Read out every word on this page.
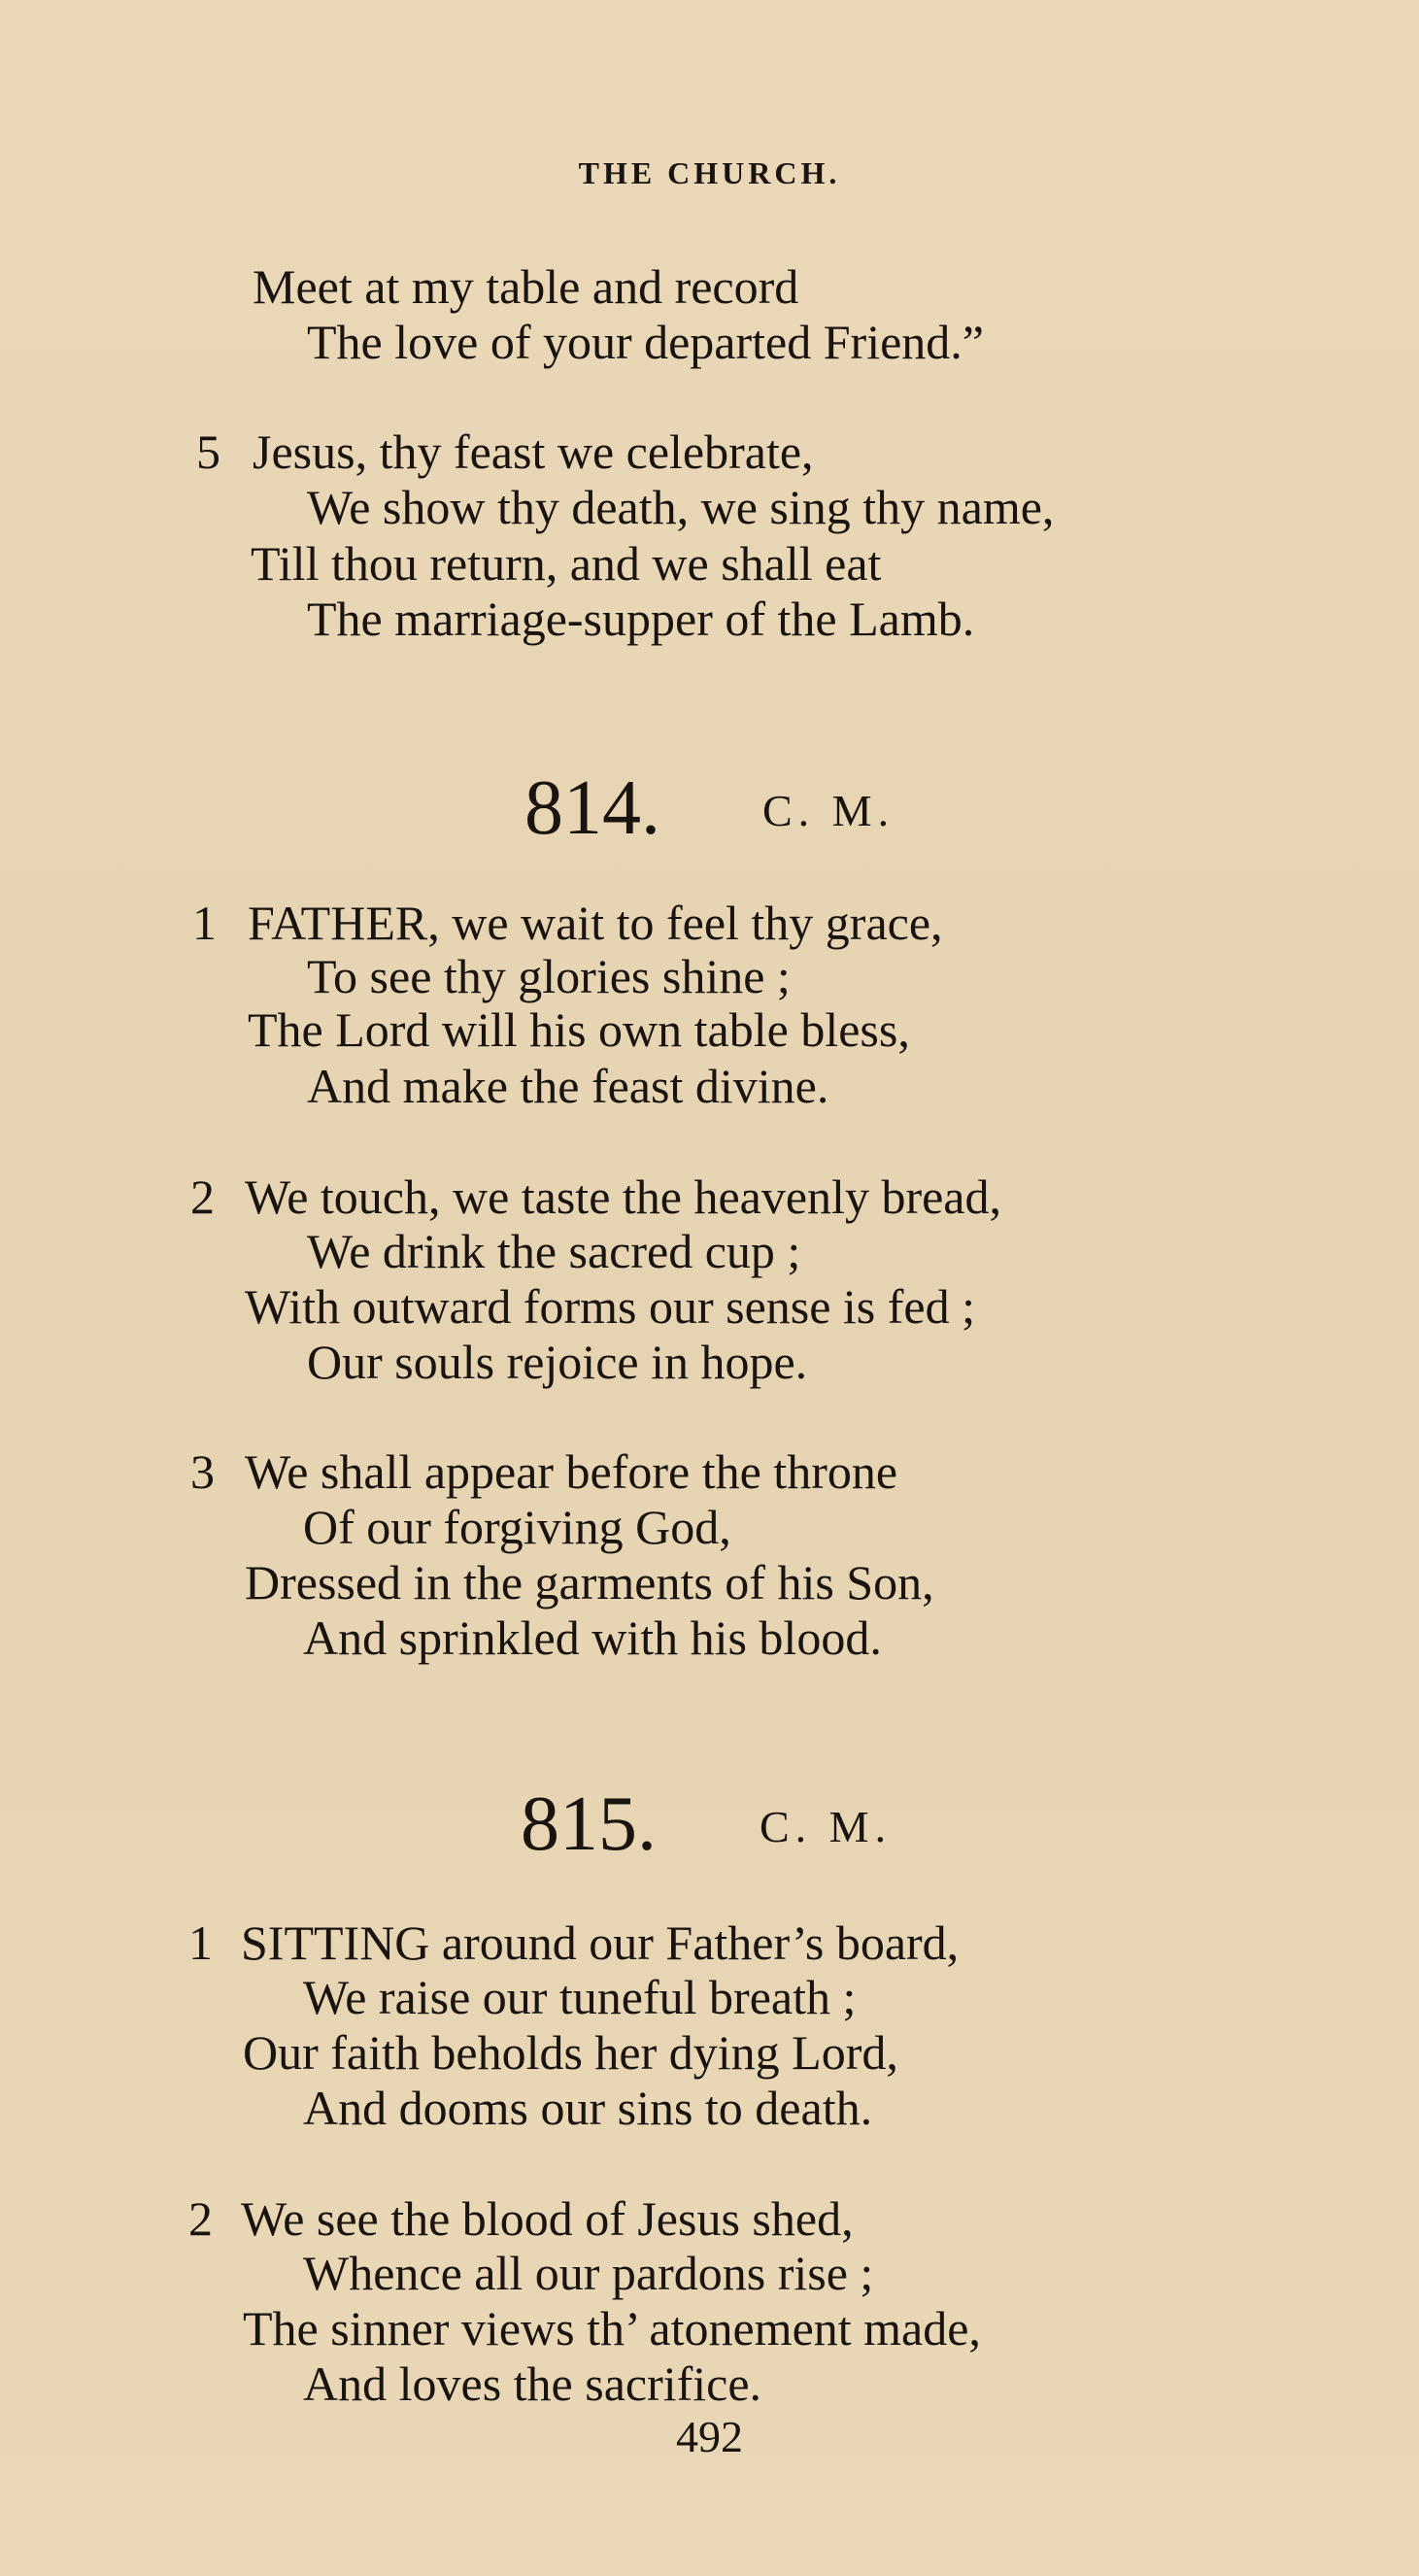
THE CHURCH.
Meet at my table and record
The love of your departed Friend.”
5 Jesus, thy feast we celebrate,
We show thy death, we sing thy name,
Till thou return, and we shall eat
The marriage-supper of the Lamb.
814. C. M.
1 FATHER, we wait to feel thy grace,
To see thy glories shine ;
The Lord will his own table bless,
And make the feast divine.
2 We touch, we taste the heavenly bread,
We drink the sacred cup ;
With outward forms our sense is fed ;
Our souls rejoice in hope.
3 We shall appear before the throne
Of our forgiving God,
Dressed in the garments of his Son,
And sprinkled with his blood.
815. C. M.
1 SITTING around our Father’s board,
We raise our tuneful breath ;
Our faith beholds her dying Lord,
And dooms our sins to death.
2 We see the blood of Jesus shed,
Whence all our pardons rise ;
The sinner views th’ atonement made,
And loves the sacrifice.
492
